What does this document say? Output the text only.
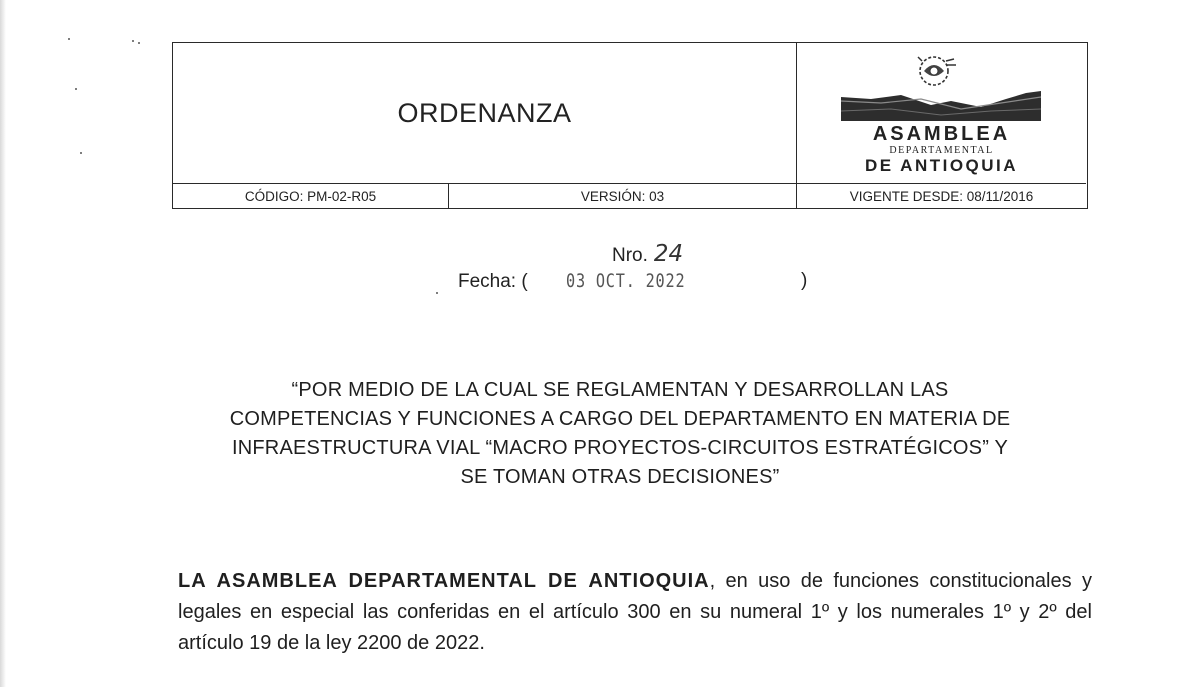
ORDENANZA
ASAMBLEA
DEPARTAMENTAL
DE ANTIOQUIA
CÓDIGO: PM-02-R05	VERSIÓN: 03	VIGENTE DESDE: 08/11/2016
Nro. 24
Fecha: ( 03 OCT. 2022	)
“POR MEDIO DE LA CUAL SE REGLAMENTAN Y DESARROLLAN LAS
COMPETENCIAS Y FUNCIONES A CARGO DEL DEPARTAMENTO EN MATERIA DE
INFRAESTRUCTURA VIAL “MACRO PROYECTOS-CIRCUITOS ESTRATÉGICOS” Y
SE TOMAN OTRAS DECISIONES”
LA ASAMBLEA DEPARTAMENTAL DE ANTIOQUIA, en uso de funciones constitucionales y legales en especial las conferidas en el artículo 300 en su numeral 1º y los numerales 1º y 2º del artículo 19 de la ley 2200 de 2022.
